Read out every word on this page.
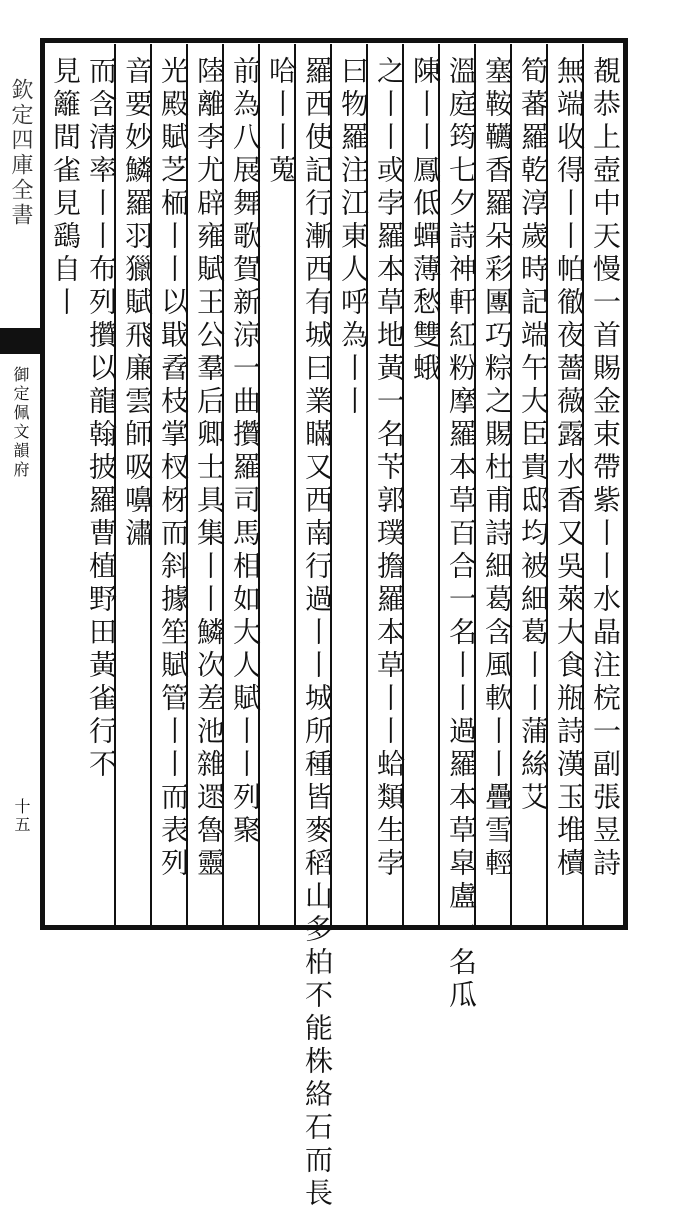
欽定四庫全書
御定佩文韻府
十五	覩恭上壺中天慢一首賜金束帶紫丨丨水晶注梡一副張昱詩
無端收得丨丨帕徹夜薔薇露水香又吳萊大食瓶詩漢玉堆櫝
筍蕃羅乾淳歲時記端午大臣貴邸均被細葛丨丨蒲絲艾
塞鞍韉香羅朵彩團巧粽之賜杜甫詩細葛含風軟丨丨疊雪輕
溫庭筠七夕詩神軒紅粉摩羅本草百合一名丨丨過羅本草皐盧一名瓜
陳丨丨鳳低蟬薄愁雙蛾
之丨丨或孛羅本草地黃一名苄郭璞擔羅本草丨丨蛤類生孛
曰物羅注江東人呼為丨丨
羅西使記行漸西有城曰業瞞又西南行過丨丨城所種皆麥稻山多柏不能株絡石而長
哈丨丨蒐
前為八展舞歌賀新涼一曲攢羅司馬相如大人賦丨丨列聚
陸離李尤辟雍賦王公羣后卿士具集丨丨鱗次差池雜遝魯靈
光殿賦芝栭丨丨以戢孴枝掌杈枒而斜據笙賦管丨丨而表列
音要妙鱗羅羽獵賦飛廉雲師吸嚊潚
而含清率丨丨布列攢以龍翰披羅曹植野田黃雀行不
見籬間雀見鷂自丨
